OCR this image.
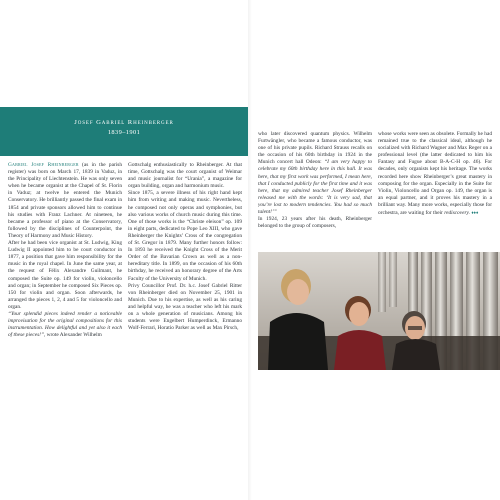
Josef Gabriel Rheinberger
1839–1901

Gabriel Josef Rheinberger (as in the parish register) was born on March 17, 1839 in Vaduz, in the Principality of Liechtenstein. He was only seven when he became organist at the Chapel of St. Florin in Vaduz; at twelve he entered the Munich Conservatory. He brilliantly passed the final exam in 1854 and private sponsors allowed him to continue his studies with Franz Lachner. At nineteen, he became a professor of piano at the Conservatory, followed by the disciplines of Counterpoint, the Theory of Harmony and Music History.

After he had been vice organist at St. Ludwig, King Ludwig II appointed him to be court conductor in 1877, a position that gave him responsibility for the music in the royal chapel. In June the same year, at the request of Félix Alexandre Guilmant, he composed the Suite op. 149 for violin, violoncello and organ; in September he composed Six Pieces op. 150 for violin and organ. Soon afterwards, he arranged the pieces 1, 2, 4 and 5 for violoncello and organ.

“Your splendid pieces indeed render a noticeable improvisation for the original compositions for this instrumentation. How delightful and yet also it each of these pieces!”, wrote Alexander Wilhelm

Gottschalg enthusiastically to Rheinberger. At that time, Gottschalg was the court organist of Weimar and music journalist for “Urania”, a magazine for organ building, organ and harmonium music.

Since 1875, a severe illness of his right hand kept him from writing and making music. Nevertheless, he composed not only operas and symphonies, but also various works of church music during this time. One of those works is the “Christe eleison” op. 109 in eight parts, dedicated to Pope Leo XIII, who gave Rheinberger the Knights’ Cross of the congregation of St. Gregor in 1879. Many further honors follow: In 1893 he received the Knight Cross of the Merit Order of the Bavarian Crown as well as a non-hereditary title. In 1899, on the occasion of his 60th birthday, he received an honorary degree of the Arts Faculty of the University of Munich.

Privy Councillor Prof. Dr. h.c. Josef Gabriel Ritter von Rheinberger died on November 25, 1901 in Munich. Due to his expertise, as well as his caring and helpful way, he was a teacher who left his mark on a whole generation of musicians. Among his students were Engelbert Humperdinck, Ermanno Wolf-Ferrari, Horatio Parker as well as Max Pirsch,

who later discovered quantum physics. Wilhelm Furtwängler, who became a famous conductor, was one of his private pupils. Richard Strauss recalls on the occasion of his 60th birthday in 1924 in the Munich concert hall Odeon: “I am very happy to celebrate my 60th birthday here in this hall. It was here, that my first work was performed, I mean here, that I conducted publicly for the first time and it was here, that my admired teacher Josef Rheinberger released me with the words: ‘It is very sad, that you’re lost to modern tendencies. You had so much talent!’”

In 1924, 23 years after his death, Rheinberger belonged to the group of composers,

whose works were seen as obsolete. Formally he had remained true to the classical ideal, although he socialized with Richard Wagner and Max Reger on a professional level (the latter dedicated to him his Fantasy and Fugue about B-A-C-H op. 46). For decades, only organists kept his heritage. The works recorded here show Rheinberger’s great mastery in composing for the organ. Especially in the Suite for Violin, Violoncello and Organ op. 149, the organ is an equal partner, and it proves his mastery in a brilliant way. Many more works, especially those for orchestra, are waiting for their rediscovery. ♦♦♦
